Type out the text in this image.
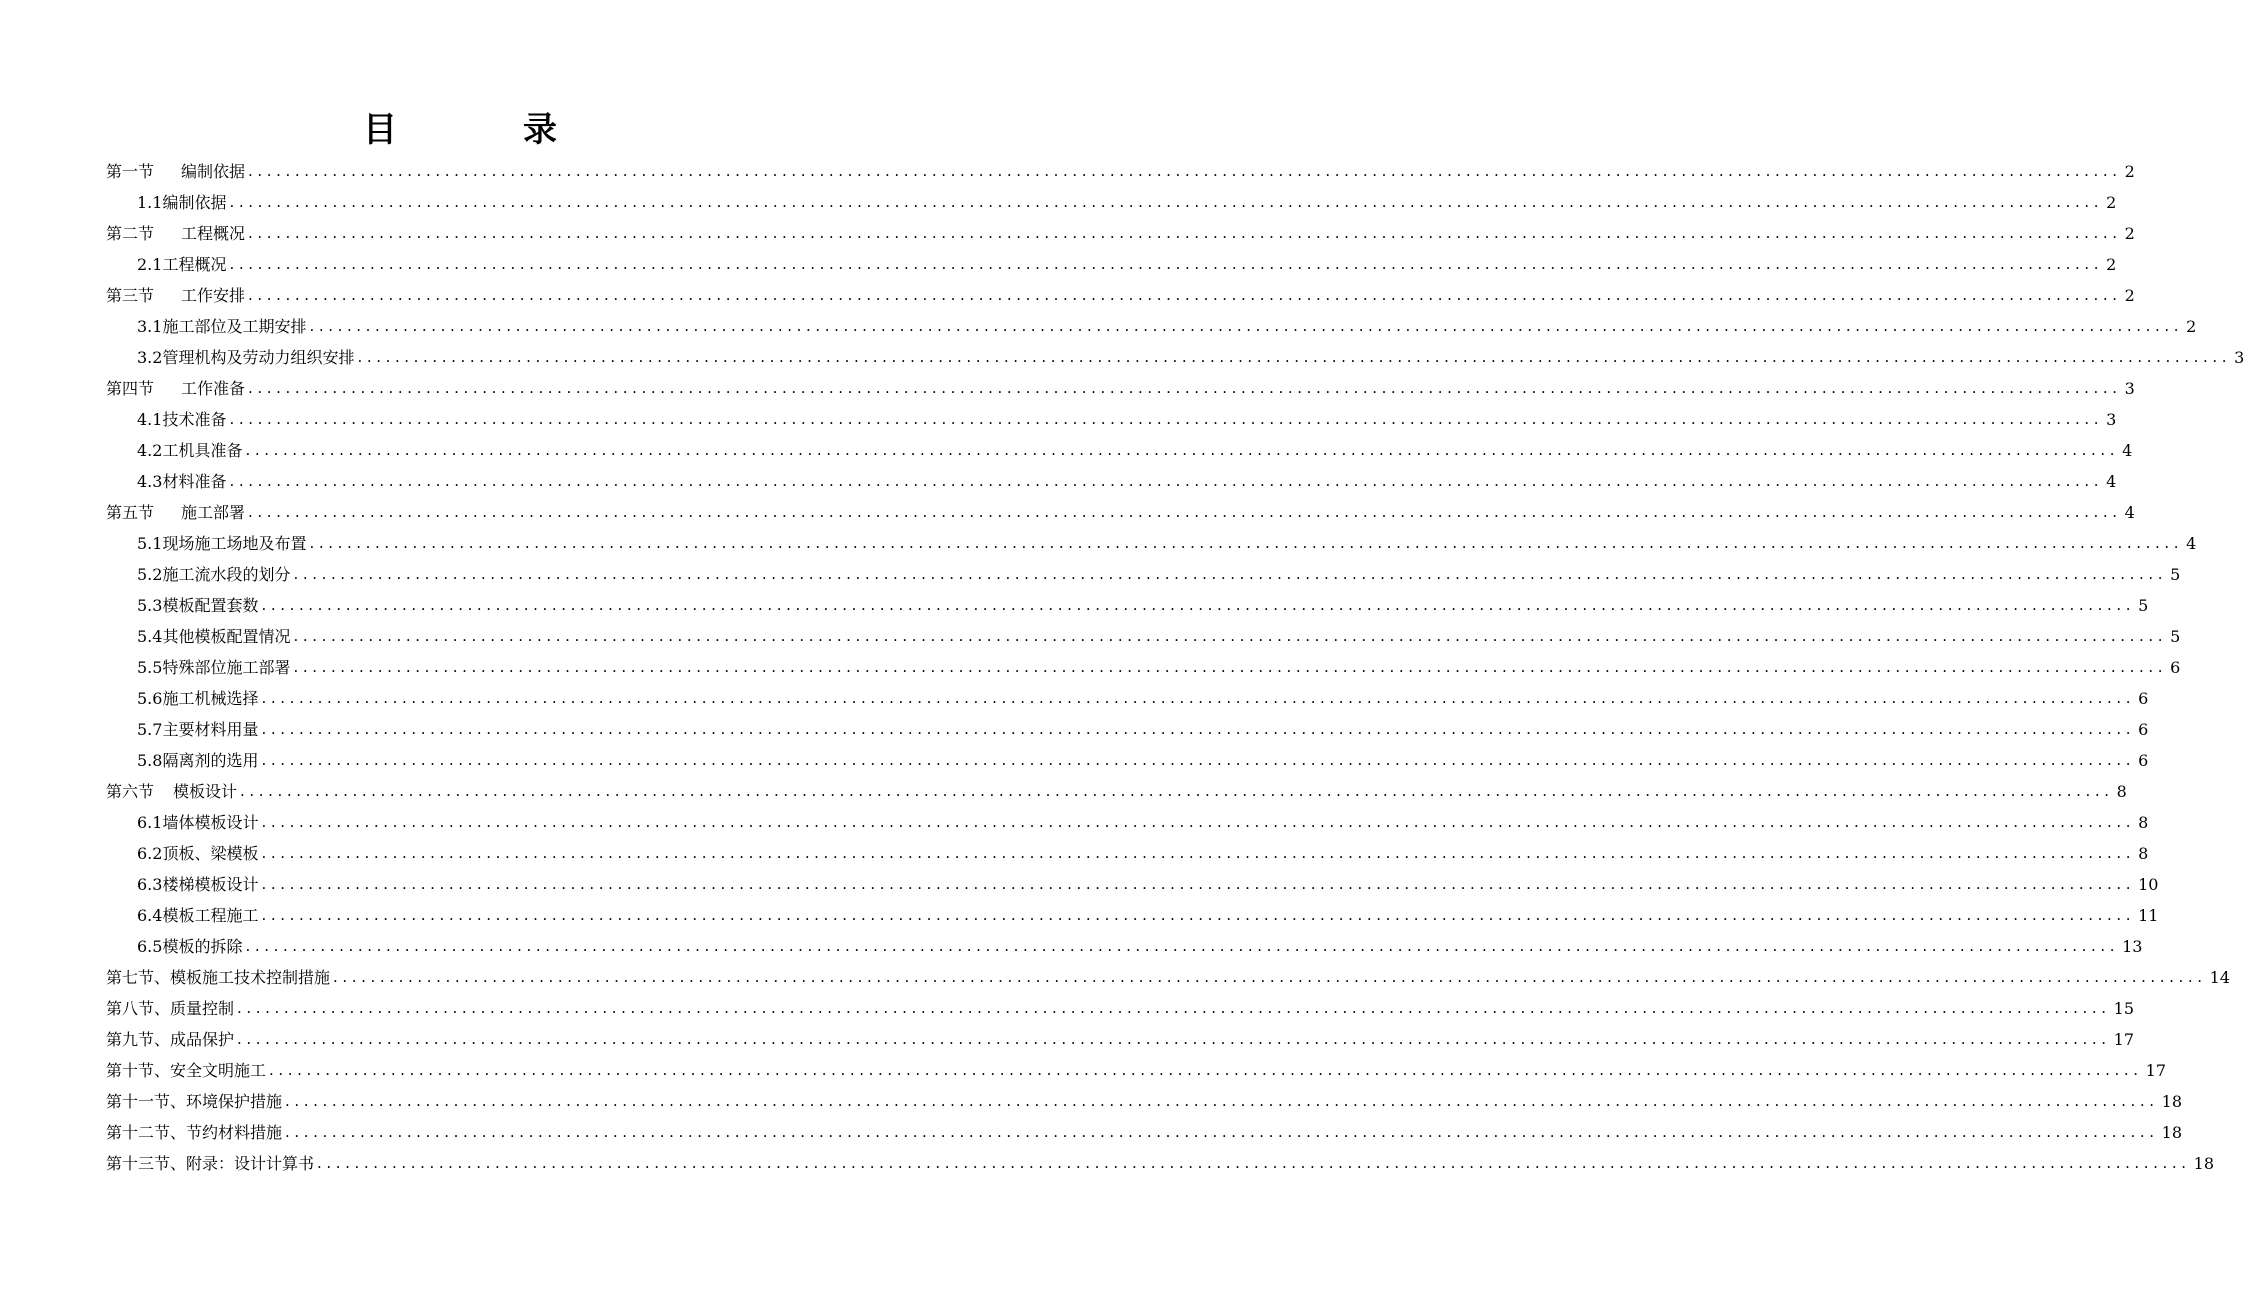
目　录
第一节 编制依据 ........................................................................................................................................................................................................ 2
1.1 编制依据 ........................................................................................................................................................................................................ 2
第二节 工程概况 ........................................................................................................................................................................................................ 2
2.1 工程概况 ........................................................................................................................................................................................................ 2
第三节 工作安排 ........................................................................................................................................................................................................ 2
3.1 施工部位及工期安排 ........................................................................................................................................................................................................ 2
3.2 管理机构及劳动力组织安排 ........................................................................................................................................................................................................ 3
第四节 工作准备 ........................................................................................................................................................................................................ 3
4.1 技术准备 ........................................................................................................................................................................................................ 3
4.2 工机具准备 ........................................................................................................................................................................................................ 4
4.3 材料准备 ........................................................................................................................................................................................................ 4
第五节 施工部署 ........................................................................................................................................................................................................ 4
5.1 现场施工场地及布置 ........................................................................................................................................................................................................ 4
5.2 施工流水段的划分 ........................................................................................................................................................................................................ 5
5.3 模板配置套数 ........................................................................................................................................................................................................ 5
5.4 其他模板配置情况 ........................................................................................................................................................................................................ 5
5.5 特殊部位施工部署 ........................................................................................................................................................................................................ 6
5.6 施工机械选择 ........................................................................................................................................................................................................ 6
5.7 主要材料用量 ........................................................................................................................................................................................................ 6
5.8 隔离剂的选用 ........................................................................................................................................................................................................ 6
第六节 模板设计 ........................................................................................................................................................................................................ 8
6.1 墙体模板设计 ........................................................................................................................................................................................................ 8
6.2 顶板、梁模板 ........................................................................................................................................................................................................ 8
6.3 楼梯模板设计 ........................................................................................................................................................................................................ 10
6.4 模板工程施工 ........................................................................................................................................................................................................ 11
6.5 模板的拆除 ........................................................................................................................................................................................................ 13
第七节、 模板施工技术控制措施 ........................................................................................................................................................................................................ 14
第八节、 质量控制 ........................................................................................................................................................................................................ 15
第九节、 成品保护 ........................................................................................................................................................................................................ 17
第十节、 安全文明施工 ........................................................................................................................................................................................................ 17
第十一节、 环境保护措施 ........................................................................................................................................................................................................ 18
第十二节、 节约材料措施 ........................................................................................................................................................................................................ 18
第十三节、 附录：设计计算书 ........................................................................................................................................................................................................ 18
